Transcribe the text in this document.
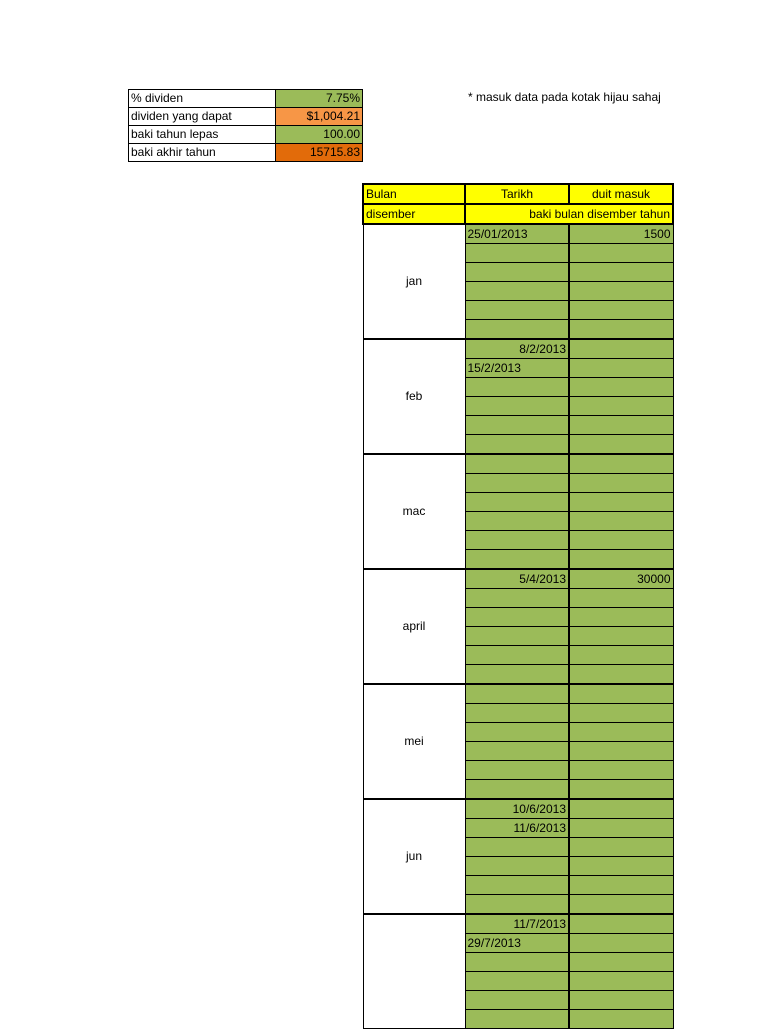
% dividen	7.75%
dividen yang dapat	$1,004.21
baki tahun lepas	100.00
baki akhir tahun	15715.83
* masuk data pada kotak hijau sahaj
Bulan	Tarikh	duit masuk
disember	baki bulan disember tahun	
jan	25/01/2013	1500

feb	8/2/2013	
	15/2/2013	

mac		

april	5/4/2013	30000

mei		

jun	10/6/2013	
	11/6/2013	

	11/7/2013	
	29/7/2013	
